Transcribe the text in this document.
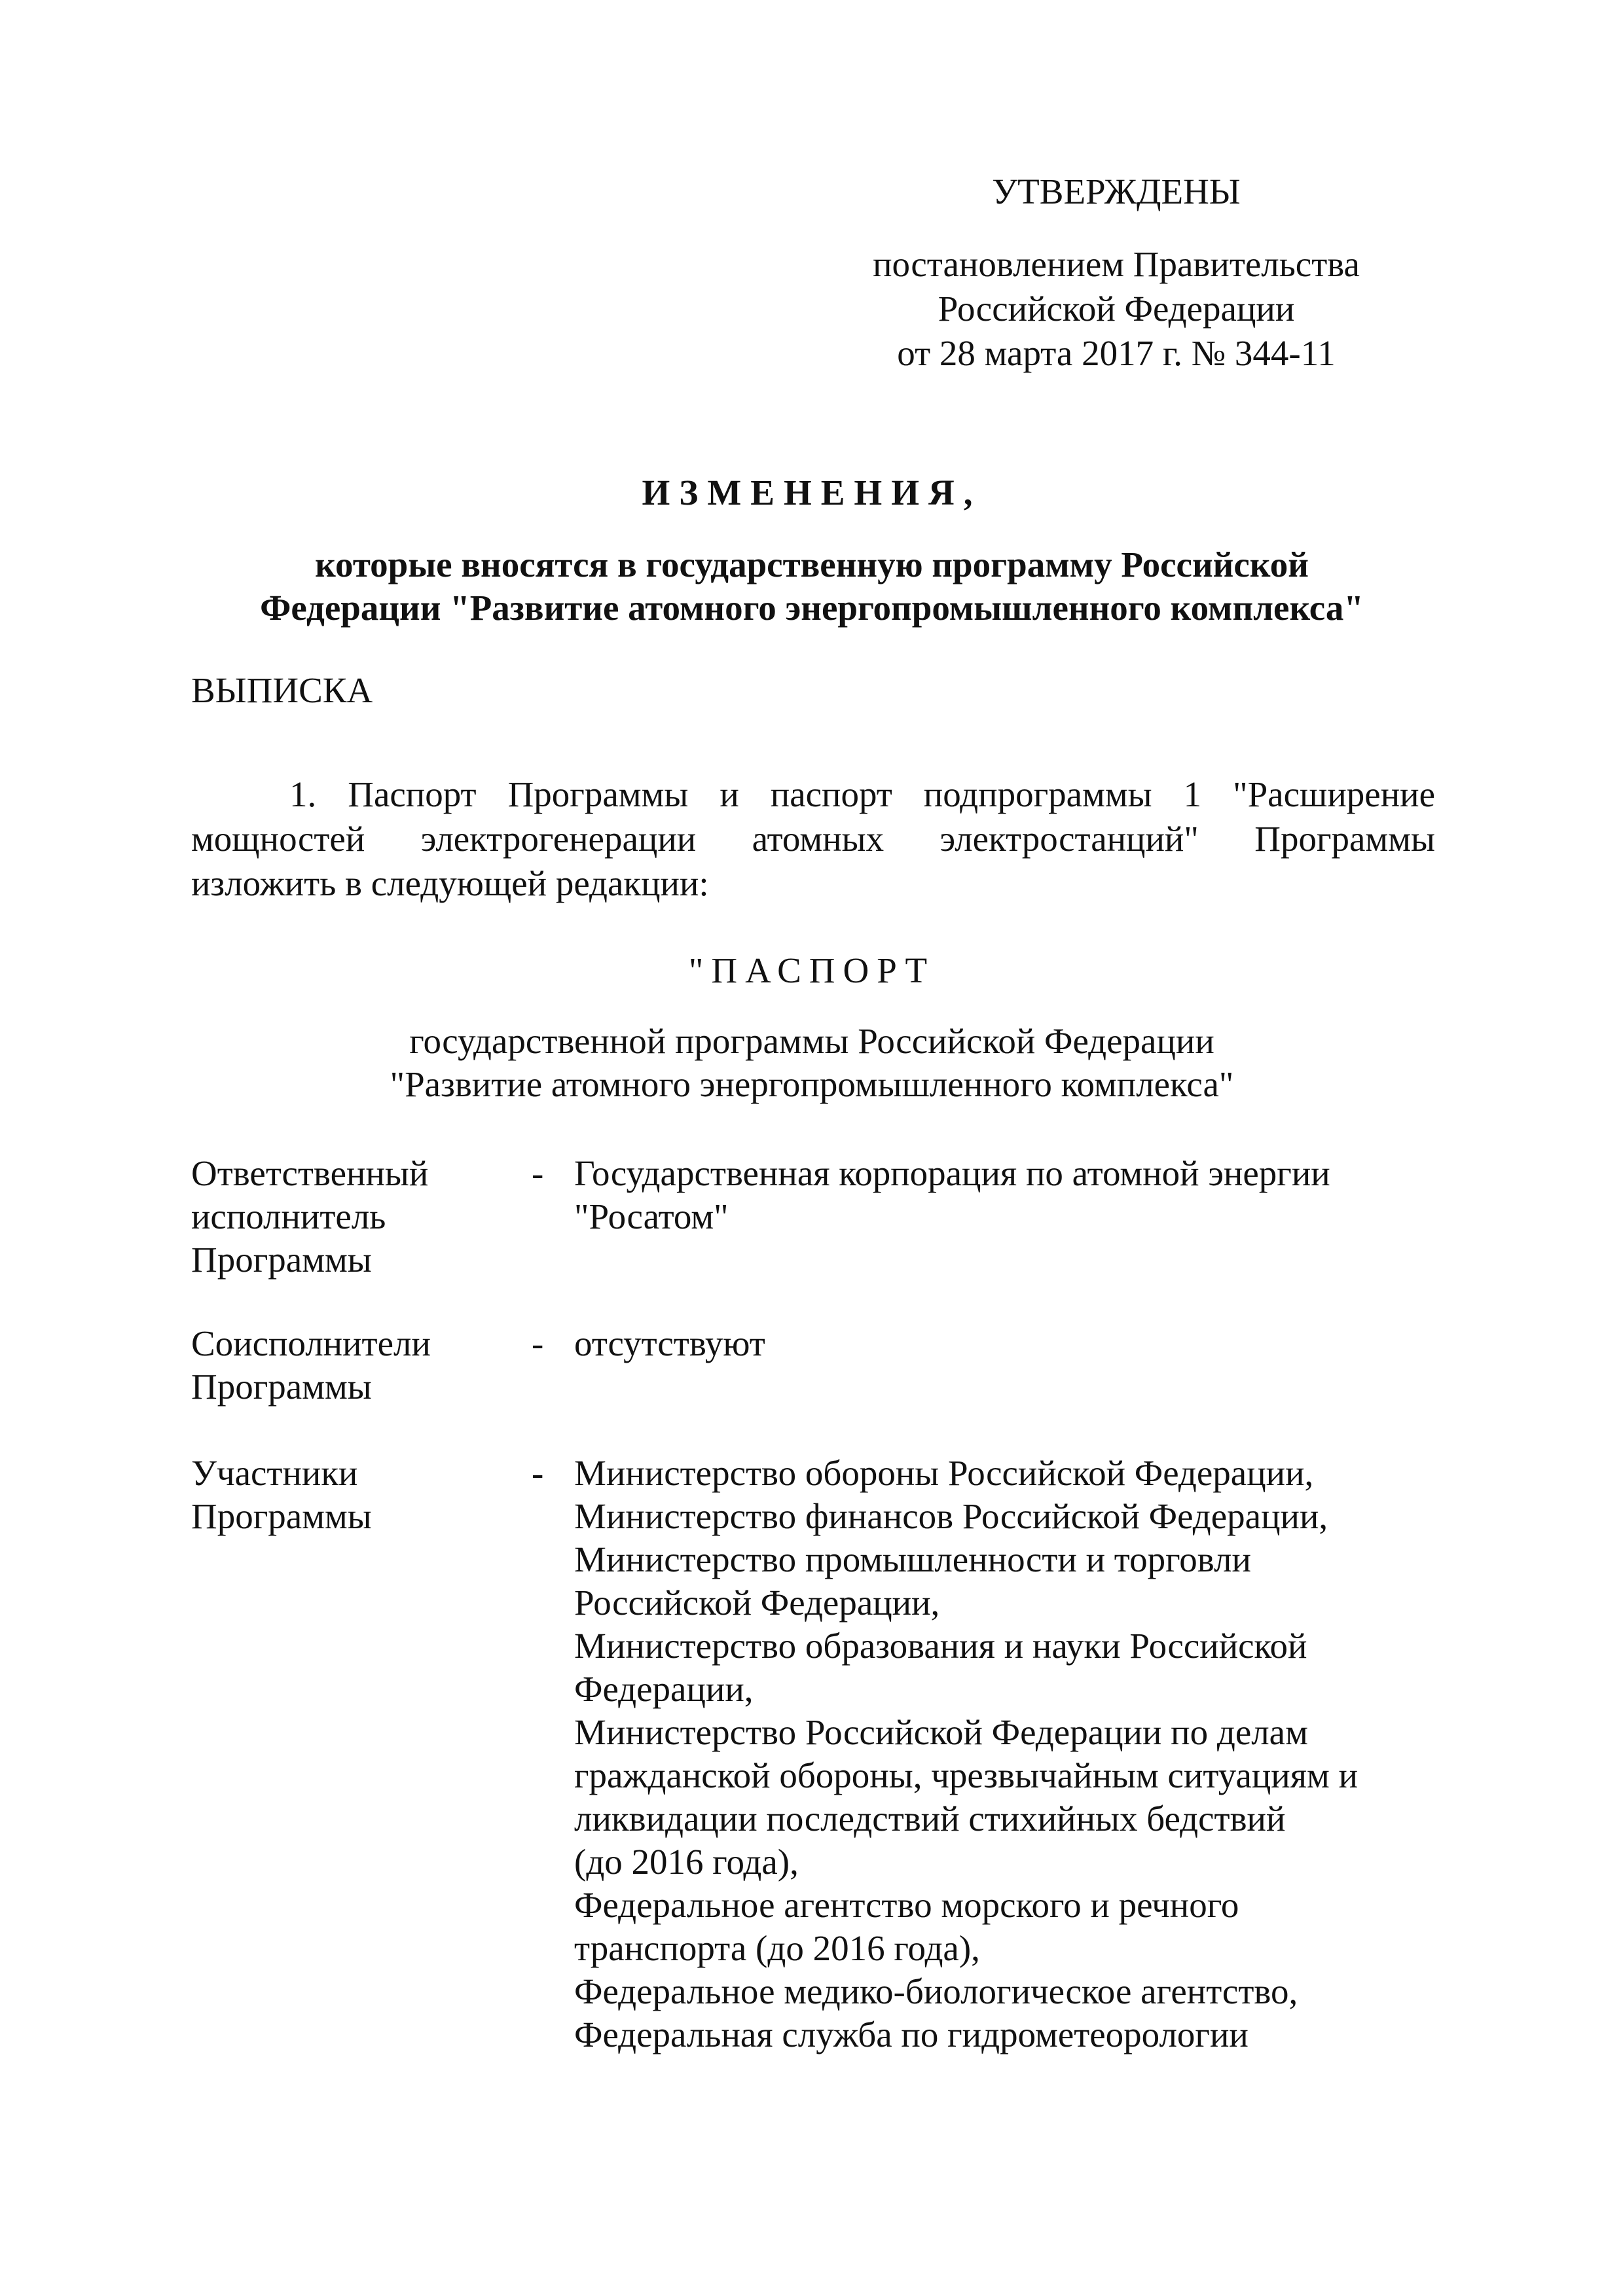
УТВЕРЖДЕНЫ
постановлением Правительства
Российской Федерации
от 28 марта 2017 г. № 344-11
ИЗМЕНЕНИЯ,
которые вносятся в государственную программу Российской
Федерации "Развитие атомного энергопромышленного комплекса"
ВЫПИСКА
1. Паспорт Программы и паспорт подпрограммы 1 "Расширение
мощностей электрогенерации атомных электростанций" Программы
изложить в следующей редакции:
"ПАСПОРТ
государственной программы Российской Федерации
"Развитие атомного энергопромышленного комплекса"
Ответственный
исполнитель
Программы
- Государственная корпорация по атомной энергии
"Росатом"
Соисполнители
Программы
- отсутствуют
Участники
Программы
- Министерство обороны Российской Федерации,
Министерство финансов Российской Федерации,
Министерство промышленности и торговли
Российской Федерации,
Министерство образования и науки Российской
Федерации,
Министерство Российской Федерации по делам
гражданской обороны, чрезвычайным ситуациям и
ликвидации последствий стихийных бедствий
(до 2016 года),
Федеральное агентство морского и речного
транспорта (до 2016 года),
Федеральное медико-биологическое агентство,
Федеральная служба по гидрометеорологии
